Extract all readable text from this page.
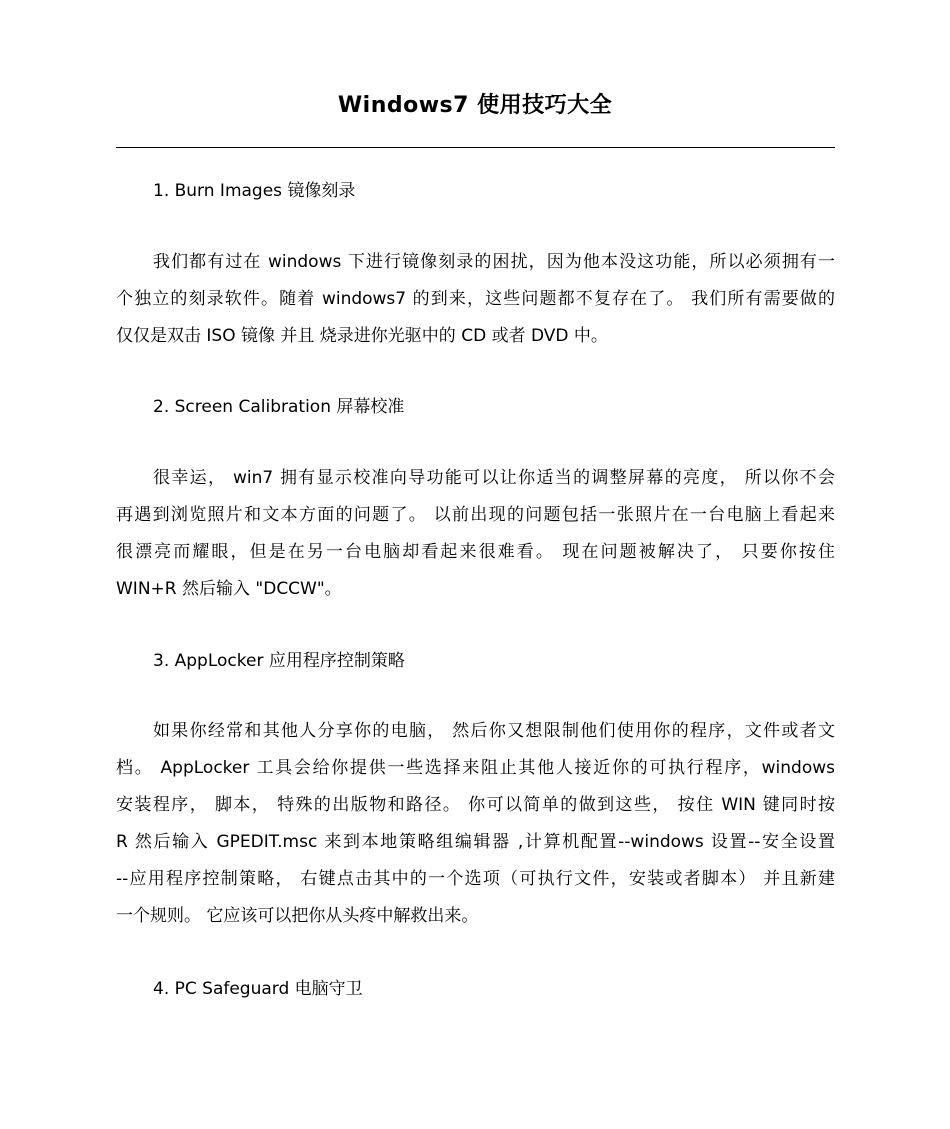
Windows7 使用技巧大全
1. Burn Images 镜像刻录
我们都有过在 windows 下进行镜像刻录的困扰，因为他本没这功能，所以必须拥有一
个独立的刻录软件。随着 windows7 的到来，这些问题都不复存在了。 我们所有需要做的
仅仅是双击 ISO 镜像 并且 烧录进你光驱中的 CD 或者 DVD 中。
2. Screen Calibration 屏幕校准
很幸运， win7 拥有显示校准向导功能可以让你适当的调整屏幕的亮度， 所以你不会
再遇到浏览照片和文本方面的问题了。 以前出现的问题包括一张照片在一台电脑上看起来
很漂亮而耀眼，但是在另一台电脑却看起来很难看。 现在问题被解决了， 只要你按住
WIN+R 然后输入 "DCCW"。
3. AppLocker 应用程序控制策略
如果你经常和其他人分享你的电脑， 然后你又想限制他们使用你的程序，文件或者文
档。 AppLocker 工具会给你提供一些选择来阻止其他人接近你的可执行程序，windows
安装程序， 脚本， 特殊的出版物和路径。 你可以简单的做到这些， 按住 WIN 键同时按
R 然后输入 GPEDIT.msc 来到本地策略组编辑器 ,计算机配置--windows 设置--安全设置
--应用程序控制策略， 右键点击其中的一个选项（可执行文件，安装或者脚本） 并且新建
一个规则。 它应该可以把你从头疼中解救出来。
4. PC Safeguard 电脑守卫
